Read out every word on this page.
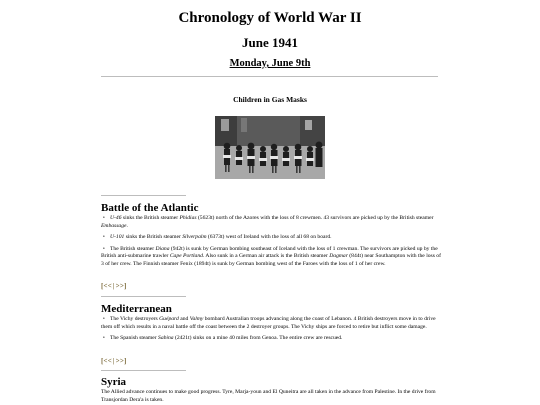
Chronology of World War II
June 1941
Monday, June 9th
Children in Gas Masks
Battle of the Atlantic

• U-46 sinks the British steamer Phidias (5623t) north of the Azores with the loss of 8 crewmen. 43 survivors are picked up by the British steamer Embassage.

• U-101 sinks the British steamer Silverpalm (6373t) west of Ireland with the loss of all 68 on board.

• The British steamer Diana (942t) is sunk by German bombing southeast of Iceland with the loss of 1 crewman. The survivors are picked up by the British anti-submarine trawler Cape Portland. Also sunk in a German air attack is the British steamer Dagmar (844t) near Southampton with the loss of 3 of her crew. The Finnish steamer Fenix (1894t) is sunk by German bombing west of the Faroes with the loss of 1 of her crew.

[<<|>>]
Mediterranean

• The Vichy destroyers Guépard and Valmy bombard Australian troops advancing along the coast of Lebanon. 4 British destroyers move in to drive them off which results in a naval battle off the coast between the 2 destroyer groups. The Vichy ships are forced to retire but inflict some damage.

• The Spanish steamer Sabina (2421t) sinks on a mine 40 miles from Genoa. The entire crew are rescued.

[<<|>>]
Syria
The Allied advance continues to make good progress. Tyre, Marja-youn and El Quneitra are all taken in the advance from Palestine. In the drive from Transjordan Dera'a is taken.
